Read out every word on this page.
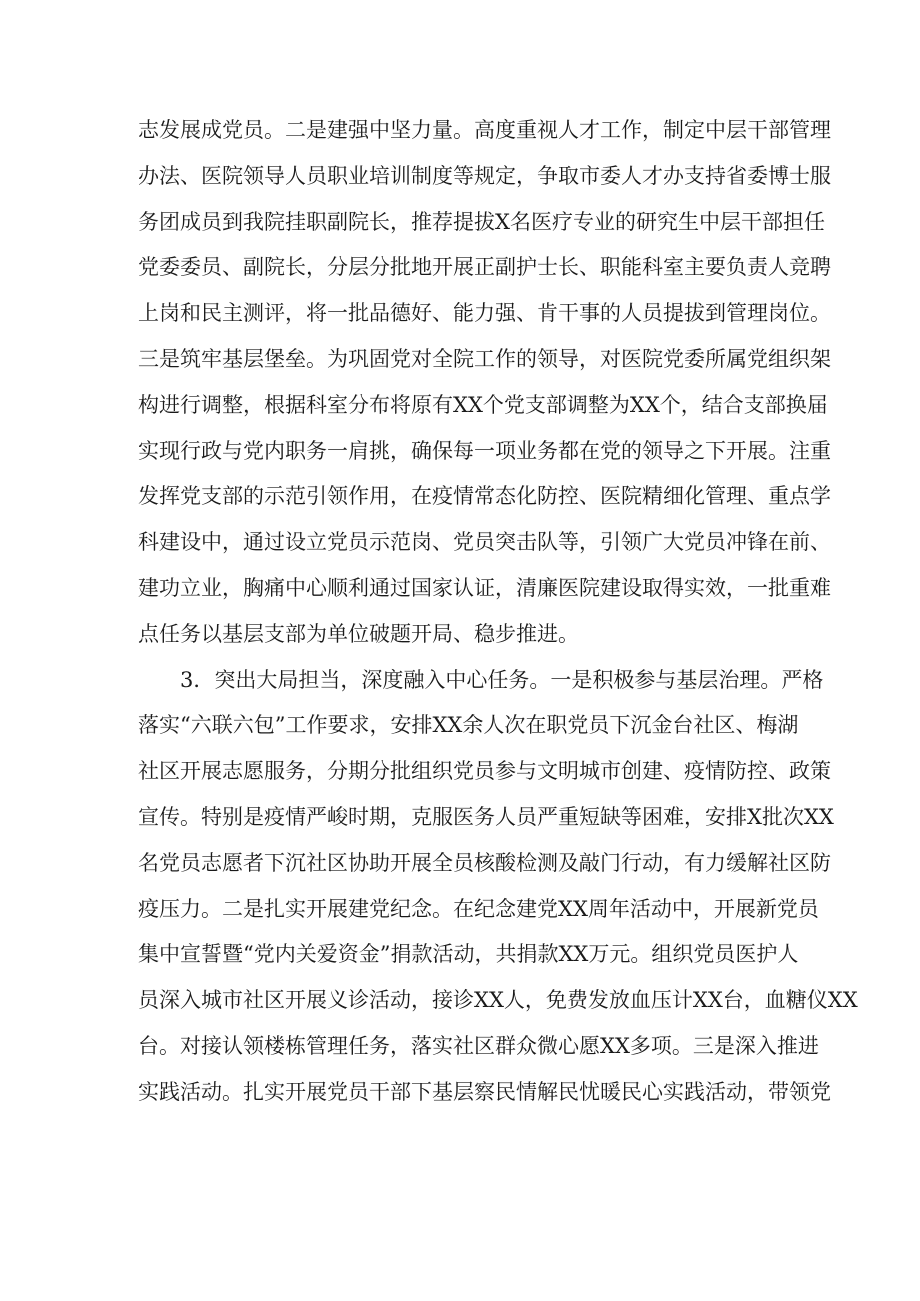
志发展成党员。二是建强中坚力量。高度重视人才工作，制定中层干部管理
办法、医院领导人员职业培训制度等规定，争取市委人才办支持省委博士服
务团成员到我院挂职副院长，推荐提拔X名医疗专业的研究生中层干部担任
党委委员、副院长，分层分批地开展正副护士长、职能科室主要负责人竞聘
上岗和民主测评，将一批品德好、能力强、肯干事的人员提拔到管理岗位。
三是筑牢基层堡垒。为巩固党对全院工作的领导，对医院党委所属党组织架
构进行调整，根据科室分布将原有XX个党支部调整为XX个，结合支部换届
实现行政与党内职务一肩挑，确保每一项业务都在党的领导之下开展。注重
发挥党支部的示范引领作用，在疫情常态化防控、医院精细化管理、重点学
科建设中，通过设立党员示范岗、党员突击队等，引领广大党员冲锋在前、
建功立业，胸痛中心顺利通过国家认证，清廉医院建设取得实效，一批重难
点任务以基层支部为单位破题开局、稳步推进。
3．突出大局担当，深度融入中心任务。一是积极参与基层治理。严格
落实“六联六包”工作要求，安排XX余人次在职党员下沉金台社区、梅湖
社区开展志愿服务，分期分批组织党员参与文明城市创建、疫情防控、政策
宣传。特别是疫情严峻时期，克服医务人员严重短缺等困难，安排X批次XX
名党员志愿者下沉社区协助开展全员核酸检测及敲门行动，有力缓解社区防
疫压力。二是扎实开展建党纪念。在纪念建党XX周年活动中，开展新党员
集中宣誓暨“党内关爱资金”捐款活动，共捐款XX万元。组织党员医护人
员深入城市社区开展义诊活动，接诊XX人，免费发放血压计XX台，血糖仪XX
台。对接认领楼栋管理任务，落实社区群众微心愿XX多项。三是深入推进
实践活动。扎实开展党员干部下基层察民情解民忧暖民心实践活动，带领党
